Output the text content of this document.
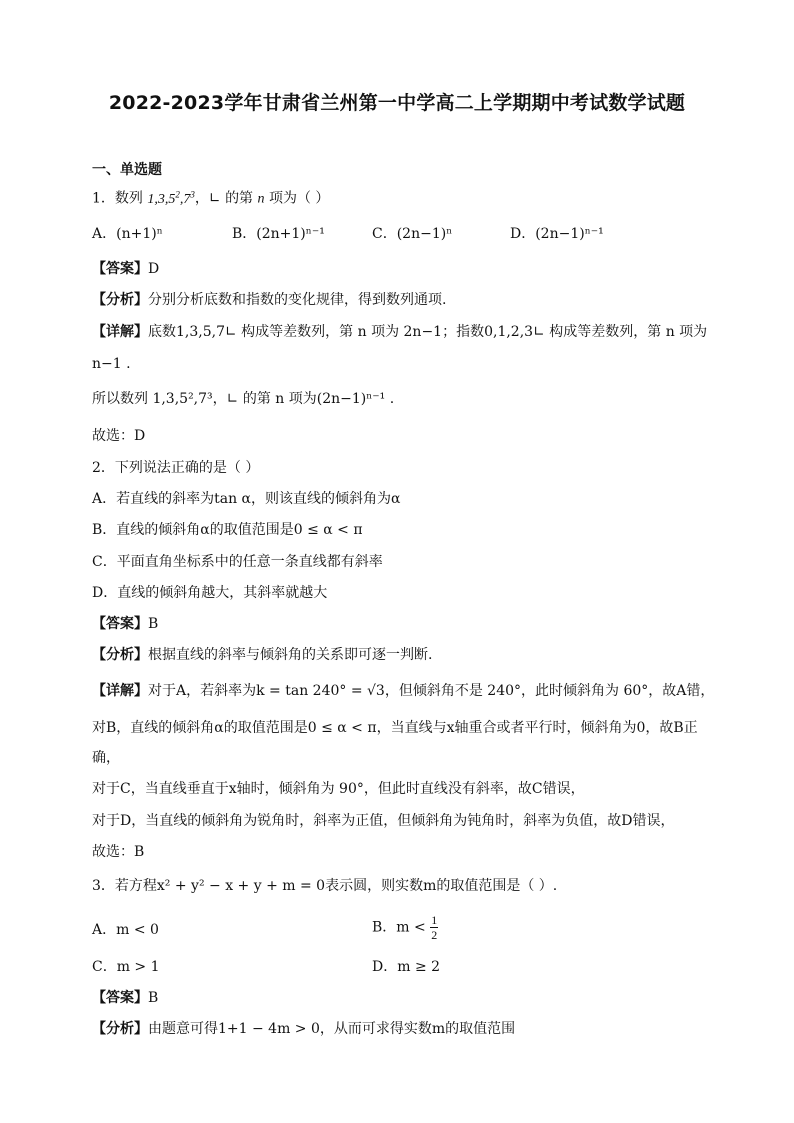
2022-2023学年甘肃省兰州第一中学高二上学期期中考试数学试题
一、单选题
1．数列 $1,3,5^2,7^3$，∟ 的第 n 项为（ ）
A．(n+1)ⁿ	B．(2n+1)ⁿ⁻¹	C．(2n−1)ⁿ	D．(2n−1)ⁿ⁻¹
【答案】D
【分析】分别分析底数和指数的变化规律，得到数列通项.
【详解】底数1,3,5,7∟ 构成等差数列，第 n 项为 2n−1；指数0,1,2,3∟ 构成等差数列，第 n 项为
n−1 .
所以数列 1,3,5²,7³，∟ 的第 n 项为(2n−1)ⁿ⁻¹ .
故选：D
2．下列说法正确的是（ ）
A．若直线的斜率为tan α，则该直线的倾斜角为α
B．直线的倾斜角α的取值范围是0 ≤ α < π
C．平面直角坐标系中的任意一条直线都有斜率
D．直线的倾斜角越大，其斜率就越大
【答案】B
【分析】根据直线的斜率与倾斜角的关系即可逐一判断.
【详解】对于A，若斜率为k = tan 240° = √3，但倾斜角不是 240°，此时倾斜角为 60°，故A错，
对B，直线的倾斜角α的取值范围是0 ≤ α < π，当直线与x轴重合或者平行时，倾斜角为0，故B正
确，
对于C，当直线垂直于x轴时，倾斜角为 90°，但此时直线没有斜率，故C错误，
对于D，当直线的倾斜角为锐角时，斜率为正值，但倾斜角为钝角时，斜率为负值，故D错误，
故选：B
3．若方程x² + y² − x + y + m = 0表示圆，则实数m的取值范围是（ ）.
A．m < 0	B．$m < \frac{1}{2}$
C．m > 1	D．m ≥ 2
【答案】B
【分析】由题意可得1+1 − 4m > 0，从而可求得实数m的取值范围
